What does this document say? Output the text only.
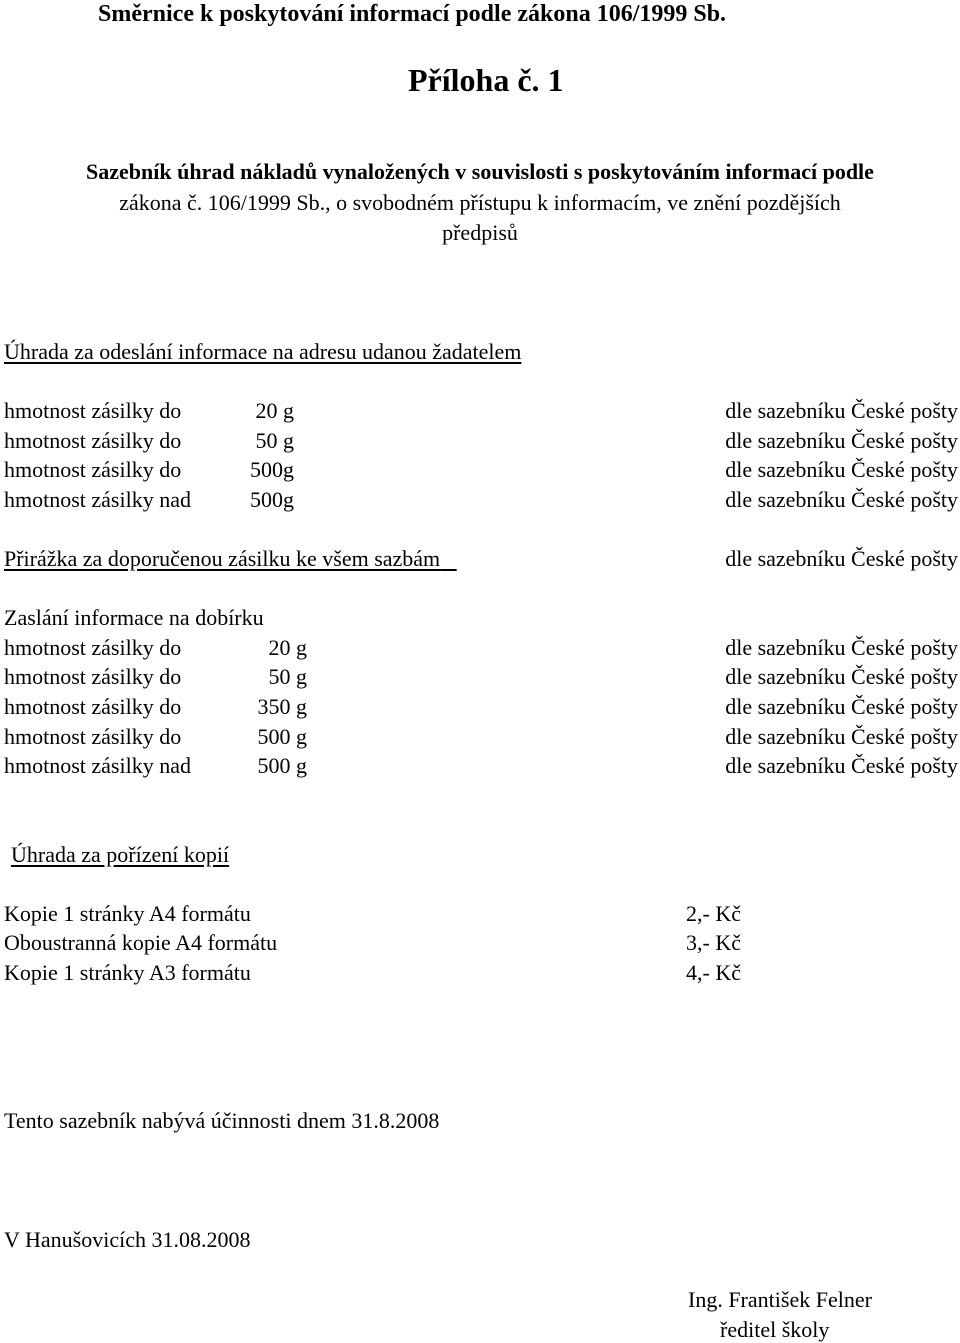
Směrnice k poskytování informací podle zákona 106/1999 Sb.
Příloha č. 1
Sazebník úhrad nákladů vynaložených v souvislosti s poskytováním informací podle
zákona č. 106/1999 Sb., o svobodném přístupu k informacím, ve znění pozdějších
předpisů
Úhrada za odeslání informace na adresu udanou žadatelem
hmotnost zásilky do	20 g	dle sazebníku České pošty
hmotnost zásilky do	50 g	dle sazebníku České pošty
hmotnost zásilky do	500g	dle sazebníku České pošty
hmotnost zásilky nad	500g	dle sazebníku České pošty
Přirážka za doporučenou zásilku ke všem sazbám	dle sazebníku České pošty
Zaslání informace na dobírku
hmotnost zásilky do	20 g	dle sazebníku České pošty
hmotnost zásilky do	50 g	dle sazebníku České pošty
hmotnost zásilky do	350 g	dle sazebníku České pošty
hmotnost zásilky do	500 g	dle sazebníku České pošty
hmotnost zásilky nad	500 g	dle sazebníku České pošty
Úhrada za pořízení kopií
Kopie 1 stránky A4 formátu	2,- Kč
Oboustranná kopie A4 formátu	3,- Kč
Kopie 1 stránky A3 formátu	4,- Kč
Tento sazebník nabývá účinnosti dnem 31.8.2008
V Hanušovicích 31.08.2008
Ing. František Felner
ředitel školy
